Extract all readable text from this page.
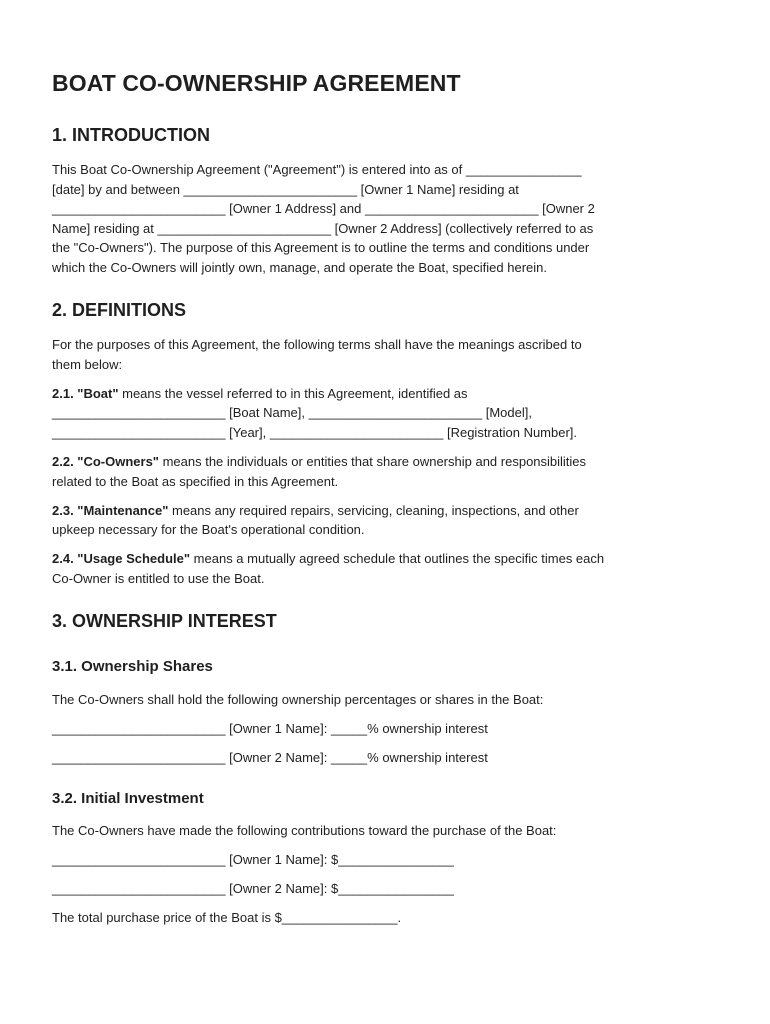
BOAT CO-OWNERSHIP AGREEMENT
1. INTRODUCTION

This Boat Co-Ownership Agreement ("Agreement") is entered into as of ________________

[date] by and between ________________________ [Owner 1 Name] residing at

________________________ [Owner 1 Address] and ________________________ [Owner 2

Name] residing at ________________________ [Owner 2 Address] (collectively referred to as

the "Co-Owners"). The purpose of this Agreement is to outline the terms and conditions under

which the Co-Owners will jointly own, manage, and operate the Boat, specified herein.

2. DEFINITIONS

For the purposes of this Agreement, the following terms shall have the meanings ascribed to

them below:

2.1. "Boat" means the vessel referred to in this Agreement, identified as

________________________ [Boat Name], ________________________ [Model],

________________________ [Year], ________________________ [Registration Number].

2.2. "Co-Owners" means the individuals or entities that share ownership and responsibilities

related to the Boat as specified in this Agreement.

2.3. "Maintenance" means any required repairs, servicing, cleaning, inspections, and other

upkeep necessary for the Boat's operational condition.

2.4. "Usage Schedule" means a mutually agreed schedule that outlines the specific times each

Co-Owner is entitled to use the Boat.

3. OWNERSHIP INTEREST
3.1. Ownership Shares

The Co-Owners shall hold the following ownership percentages or shares in the Boat:

________________________ [Owner 1 Name]: _____% ownership interest

________________________ [Owner 2 Name]: _____% ownership interest

3.2. Initial Investment

The Co-Owners have made the following contributions toward the purchase of the Boat:

________________________ [Owner 1 Name]: $________________

________________________ [Owner 2 Name]: $________________

The total purchase price of the Boat is $________________.
